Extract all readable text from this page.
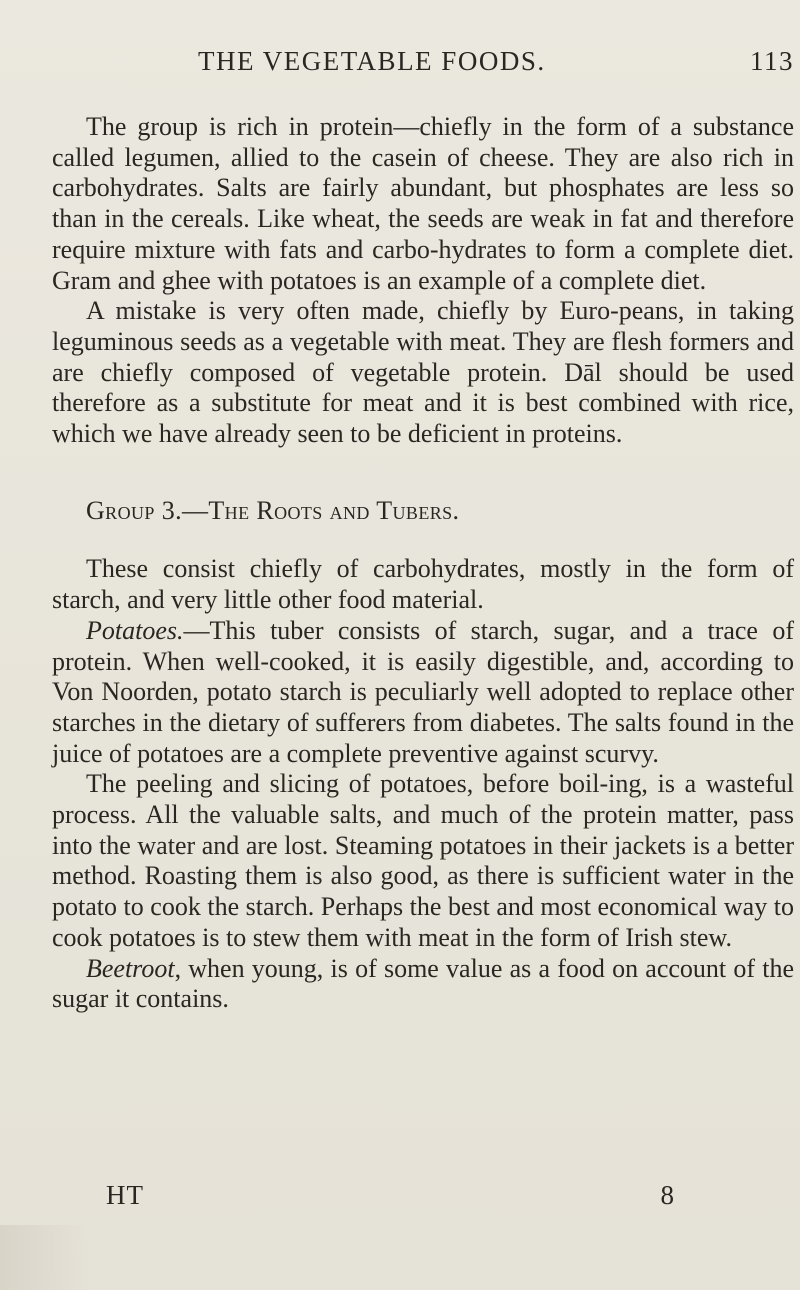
THE VEGETABLE FOODS.	113

The group is rich in protein—chiefly in the form of a substance called legumen, allied to the casein of cheese. They are also rich in carbohydrates. Salts are fairly abundant, but phosphates are less so than in the cereals. Like wheat, the seeds are weak in fat and therefore require mixture with fats and carbo-hydrates to form a complete diet. Gram and ghee with potatoes is an example of a complete diet.

A mistake is very often made, chiefly by Euro-peans, in taking leguminous seeds as a vegetable with meat. They are flesh formers and are chiefly composed of vegetable protein. Dāl should be used therefore as a substitute for meat and it is best combined with rice, which we have already seen to be deficient in proteins.

Group 3.—The Roots and Tubers.

These consist chiefly of carbohydrates, mostly in the form of starch, and very little other food material.

Potatoes.—This tuber consists of starch, sugar, and a trace of protein. When well-cooked, it is easily digestible, and, according to Von Noorden, potato starch is peculiarly well adopted to replace other starches in the dietary of sufferers from diabetes. The salts found in the juice of potatoes are a complete preventive against scurvy.

The peeling and slicing of potatoes, before boil-ing, is a wasteful process. All the valuable salts, and much of the protein matter, pass into the water and are lost. Steaming potatoes in their jackets is a better method. Roasting them is also good, as there is sufficient water in the potato to cook the starch. Perhaps the best and most economical way to cook potatoes is to stew them with meat in the form of Irish stew.

Beetroot, when young, is of some value as a food on account of the sugar it contains.

HT	8
